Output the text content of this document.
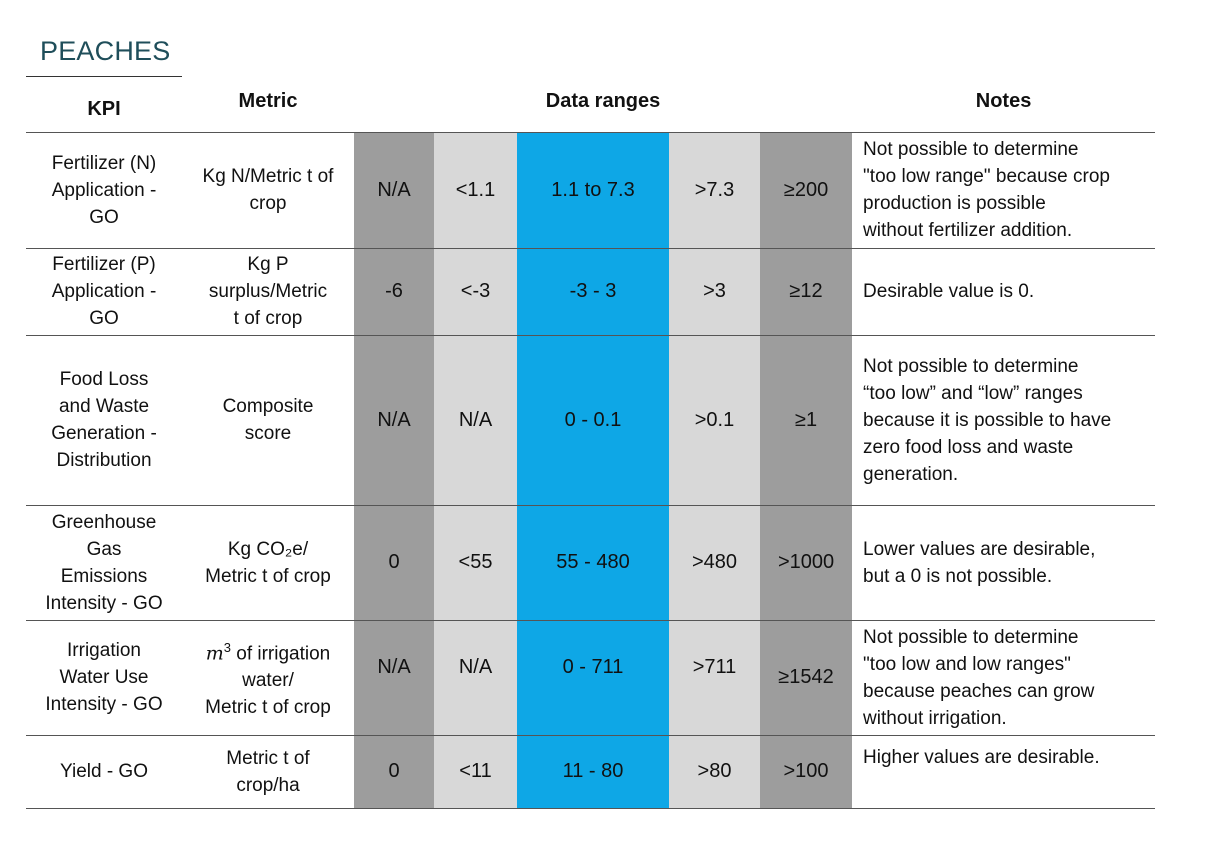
PEACHES
KPI	Metric	Data ranges					Notes
Fertilizer (N)
Application -
GO	Kg N/Metric t of
crop	N/A	<1.1	1.1 to 7.3	>7.3	≥200	Not possible to determine
"too low range" because crop
production is possible
without fertilizer addition.
Fertilizer (P)
Application -
GO	Kg P
surplus/Metric
t of crop	-6	<-3	-3 - 3	>3	≥12	Desirable value is 0.
Food Loss
and Waste
Generation -
Distribution	Composite
score	N/A	N/A	0 - 0.1	>0.1	≥1	Not possible to determine
“too low” and “low” ranges
because it is possible to have
zero food loss and waste
generation.
Greenhouse
Gas
Emissions
Intensity - GO	Kg CO₂e/
Metric t of crop	0	<55	55 - 480	>480	>1000	Lower values are desirable,
but a 0 is not possible.
Irrigation
Water Use
Intensity - GO	$m^3$ of irrigation
water/
Metric t of crop	N/A	N/A	0 - 711	>711	≥1542	Not possible to determine
"too low and low ranges"
because peaches can grow
without irrigation.
Yield - GO	Metric t of
crop/ha	0	<11	11 - 80	>80	>100	Higher values are desirable.
